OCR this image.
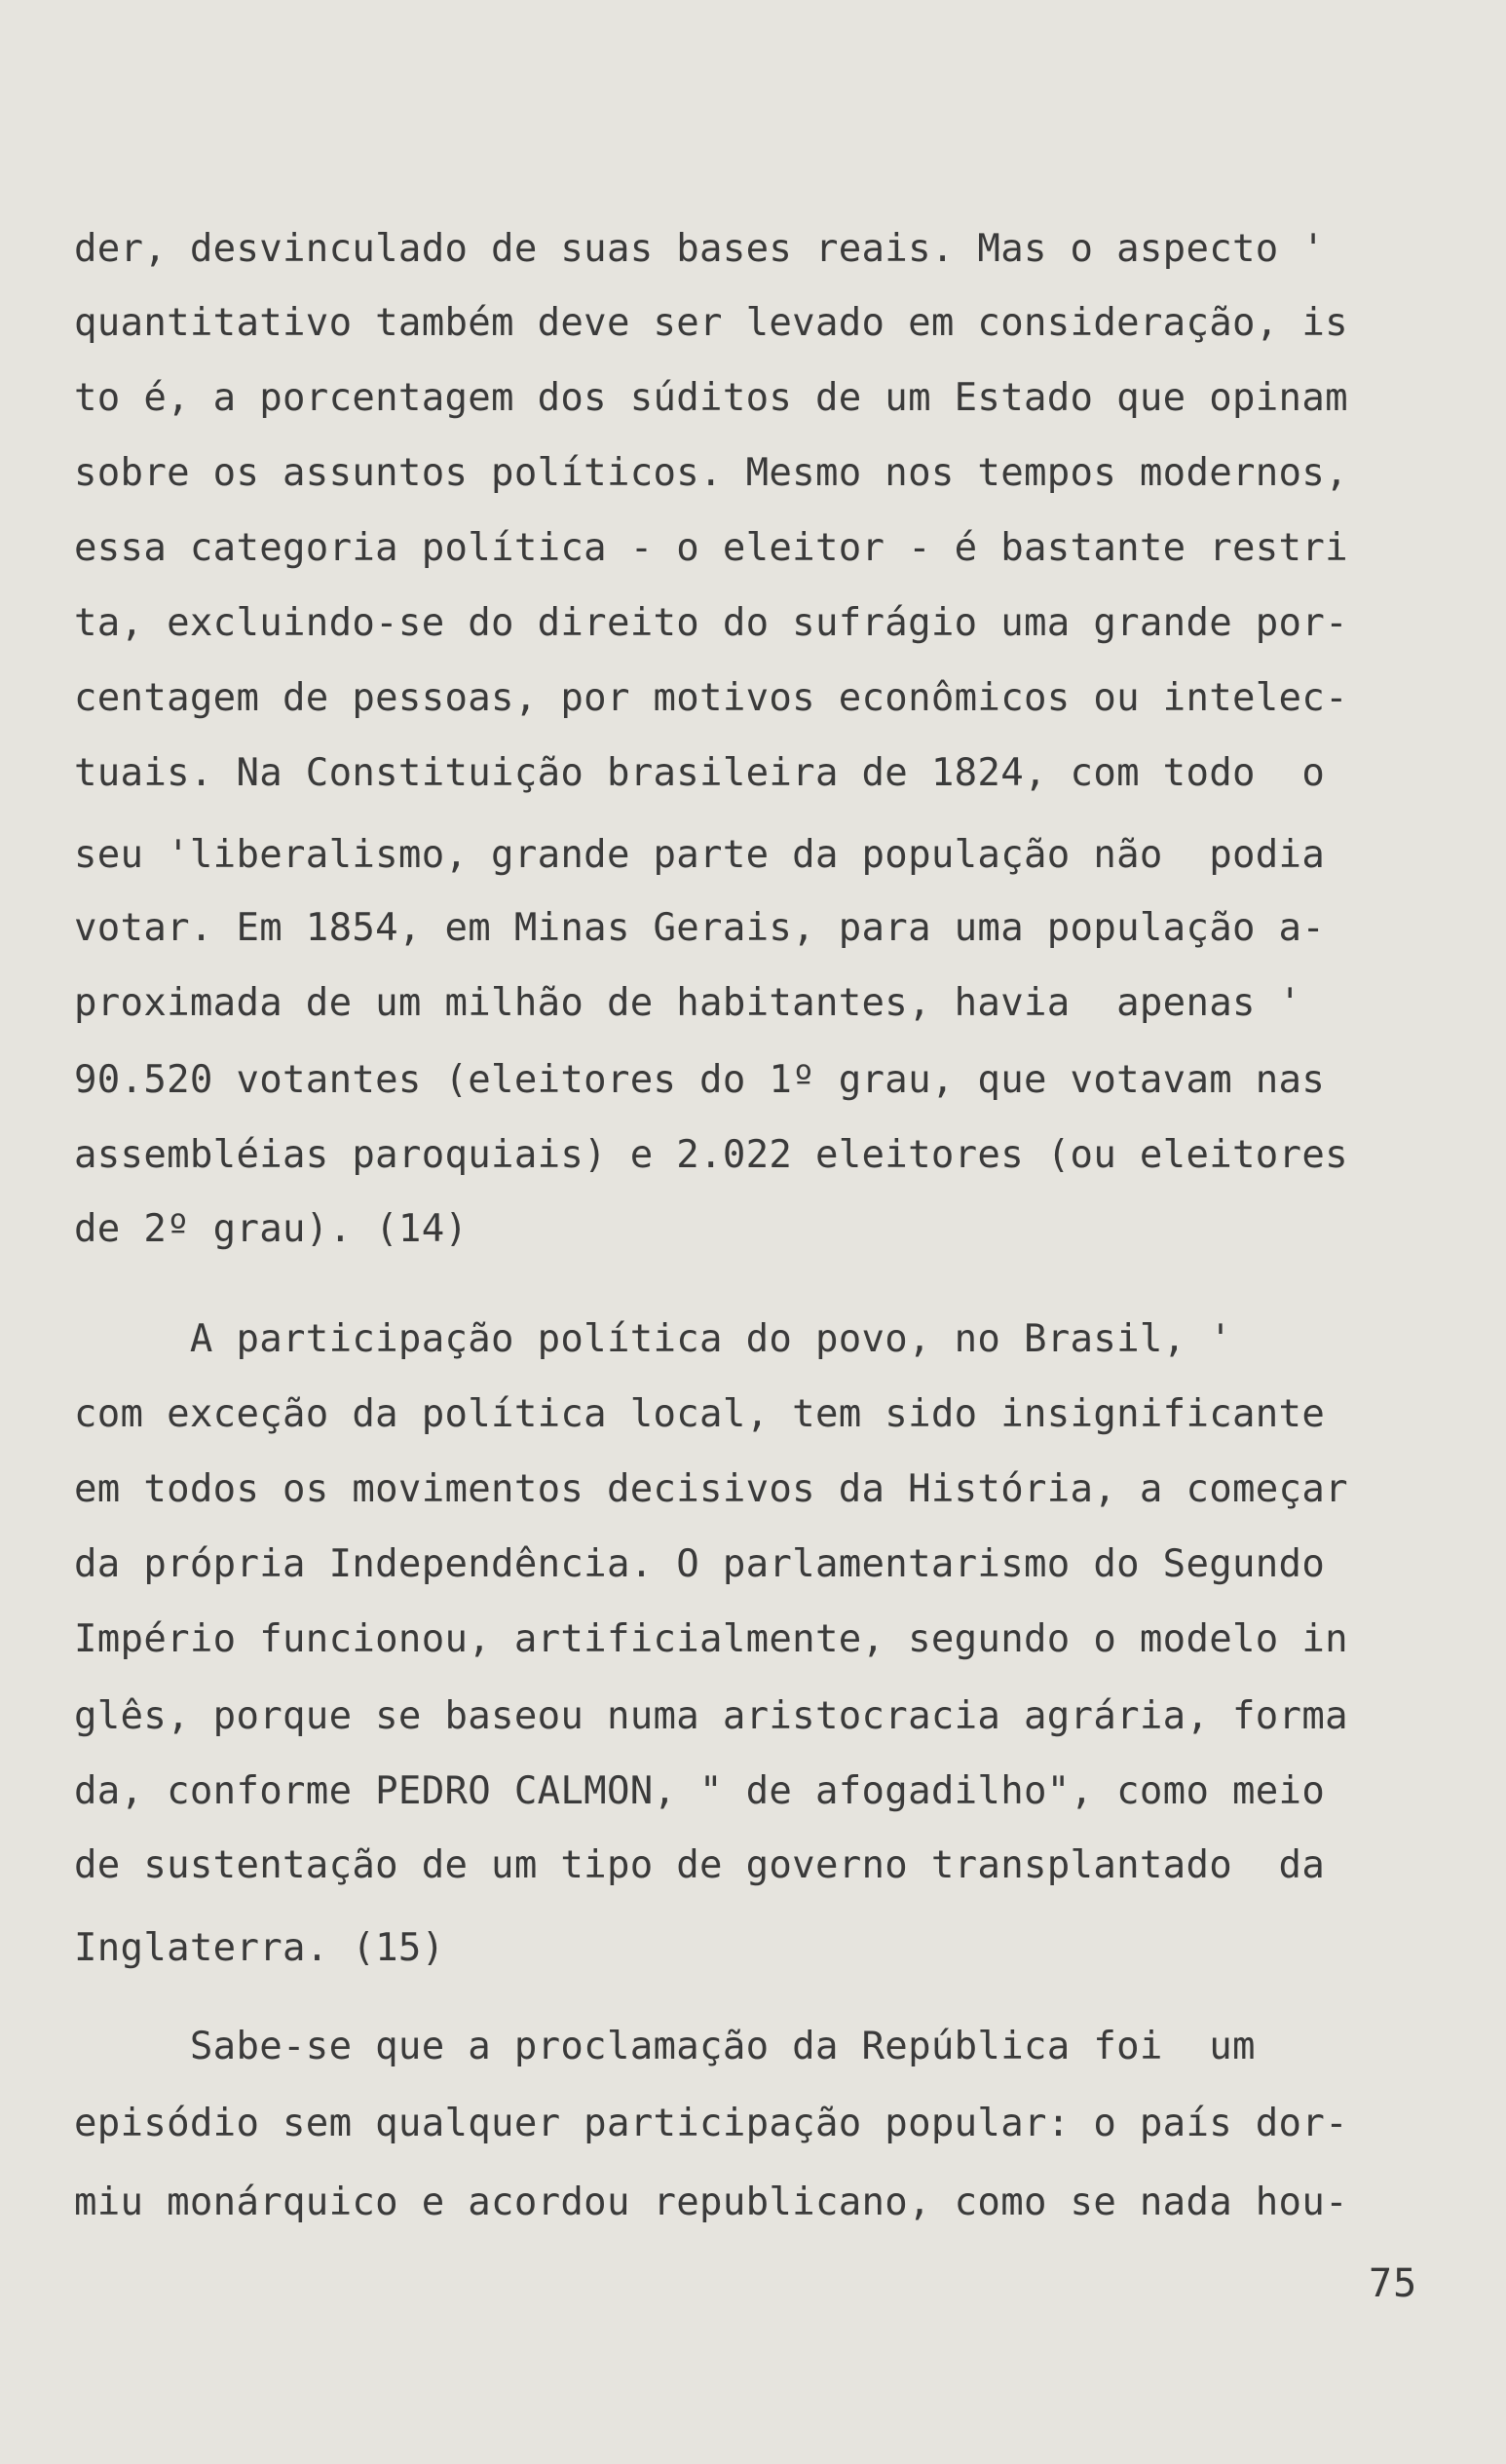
der, desvinculado de suas bases reais. Mas o aspecto '
quantitativo também deve ser levado em consideração, is
to é, a porcentagem dos súditos de um Estado que opinam
sobre os assuntos políticos. Mesmo nos tempos modernos,
essa categoria política - o eleitor - é bastante restri
ta, excluindo-se do direito do sufrágio uma grande por-
centagem de pessoas, por motivos econômicos ou intelec-
tuais. Na Constituição brasileira de 1824, com todo  o
seu 'liberalismo, grande parte da população não  podia
votar. Em 1854, em Minas Gerais, para uma população a-
proximada de um milhão de habitantes, havia  apenas '
90.520 votantes (eleitores do 1º grau, que votavam nas
assembléias paroquiais) e 2.022 eleitores (ou eleitores
de 2º grau). (14)
A participação política do povo, no Brasil, '
com exceção da política local, tem sido insignificante
em todos os movimentos decisivos da História, a começar
da própria Independência. O parlamentarismo do Segundo
Império funcionou, artificialmente, segundo o modelo in
glês, porque se baseou numa aristocracia agrária, forma
da, conforme PEDRO CALMON, " de afogadilho", como meio
de sustentação de um tipo de governo transplantado  da
Inglaterra. (15)
Sabe-se que a proclamação da República foi  um
episódio sem qualquer participação popular: o país dor-
miu monárquico e acordou republicano, como se nada hou-
75
